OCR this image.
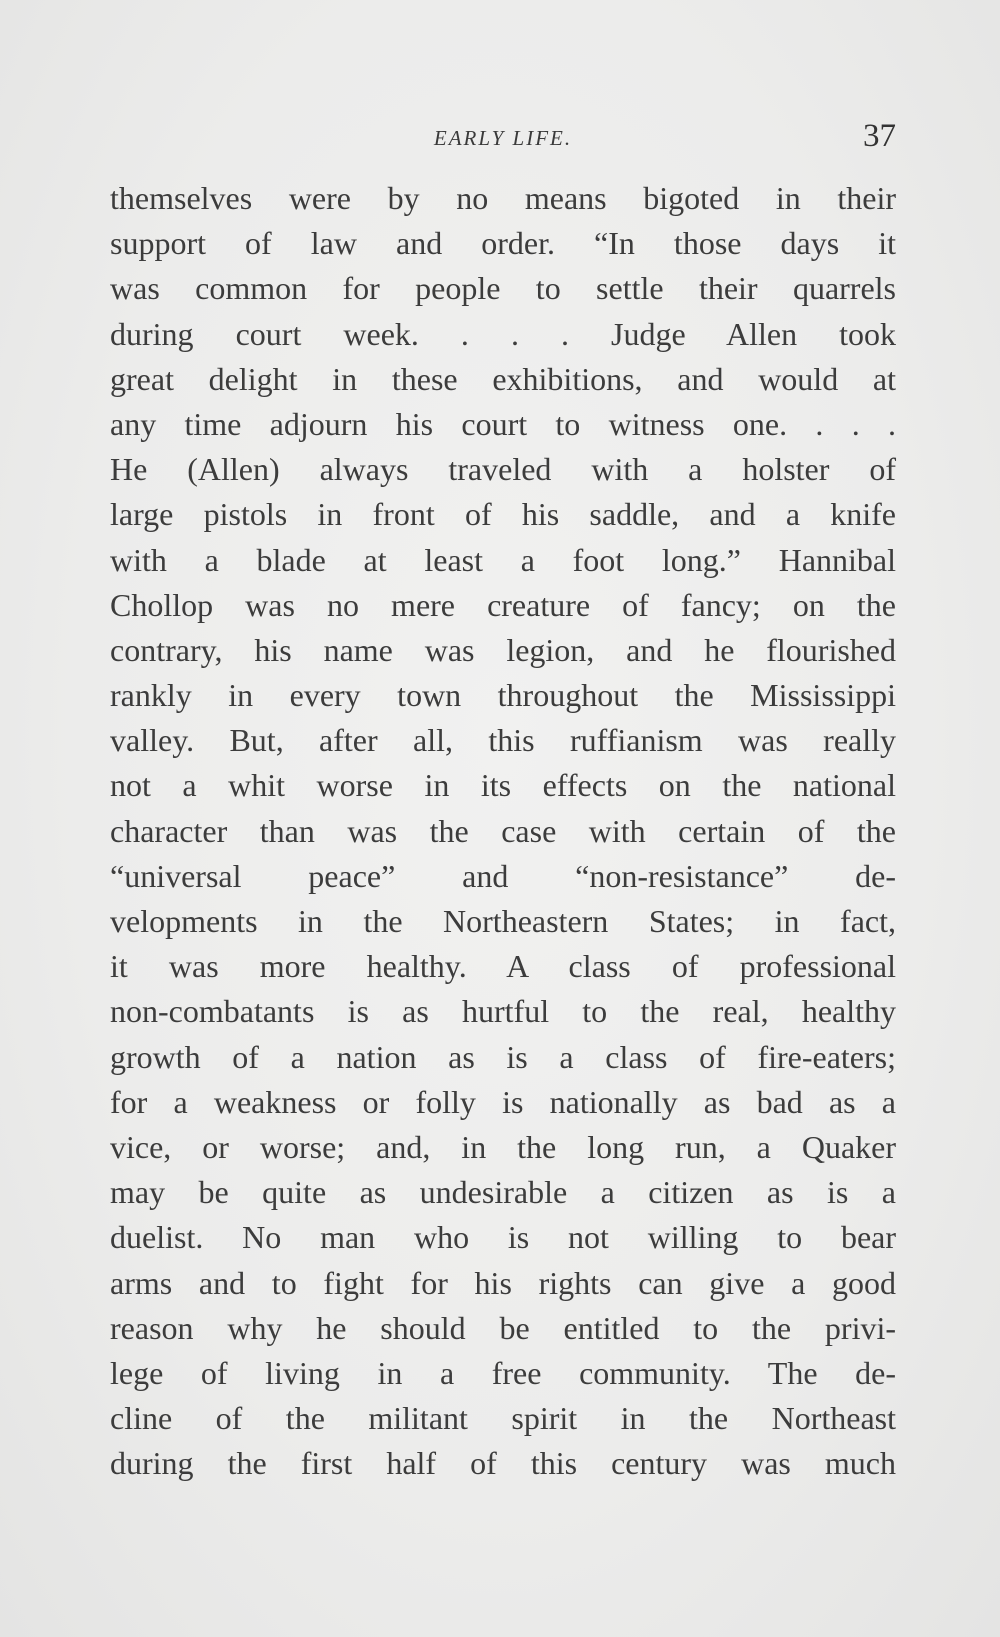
EARLY LIFE.	37
themselves were by no means bigoted in their
support of law and order. “In those days it
was common for people to settle their quarrels
during court week. . . . Judge Allen took
great delight in these exhibitions, and would at
any time adjourn his court to witness one. . . .
He (Allen) always traveled with a holster of
large pistols in front of his saddle, and a knife
with a blade at least a foot long.” Hannibal
Chollop was no mere creature of fancy; on the
contrary, his name was legion, and he flourished
rankly in every town throughout the Mississippi
valley. But, after all, this ruffianism was really
not a whit worse in its effects on the national
character than was the case with certain of the
“universal peace” and “non-resistance” de-
velopments in the Northeastern States; in fact,
it was more healthy. A class of professional
non-combatants is as hurtful to the real, healthy
growth of a nation as is a class of fire-eaters;
for a weakness or folly is nationally as bad as a
vice, or worse; and, in the long run, a Quaker
may be quite as undesirable a citizen as is a
duelist. No man who is not willing to bear
arms and to fight for his rights can give a good
reason why he should be entitled to the privi-
lege of living in a free community. The de-
cline of the militant spirit in the Northeast
during the first half of this century was much
